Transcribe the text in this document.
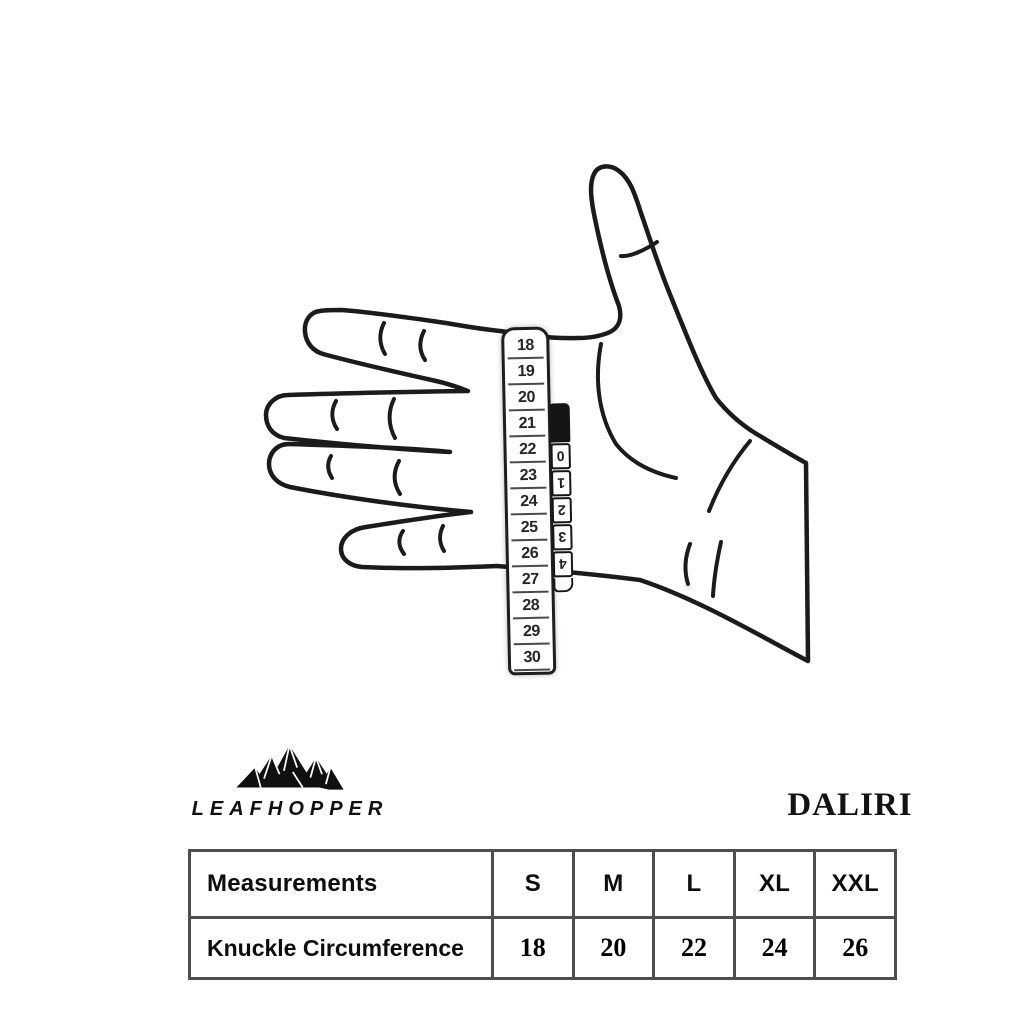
18
19
20
21
22
23
24
25
26
27
28
29
30
0
1
2
3
4
LEAFHOPPER	DALIRI
Measurements	S	M	L	XL	XXL
Knuckle Circumference	18	20	22	24	26
